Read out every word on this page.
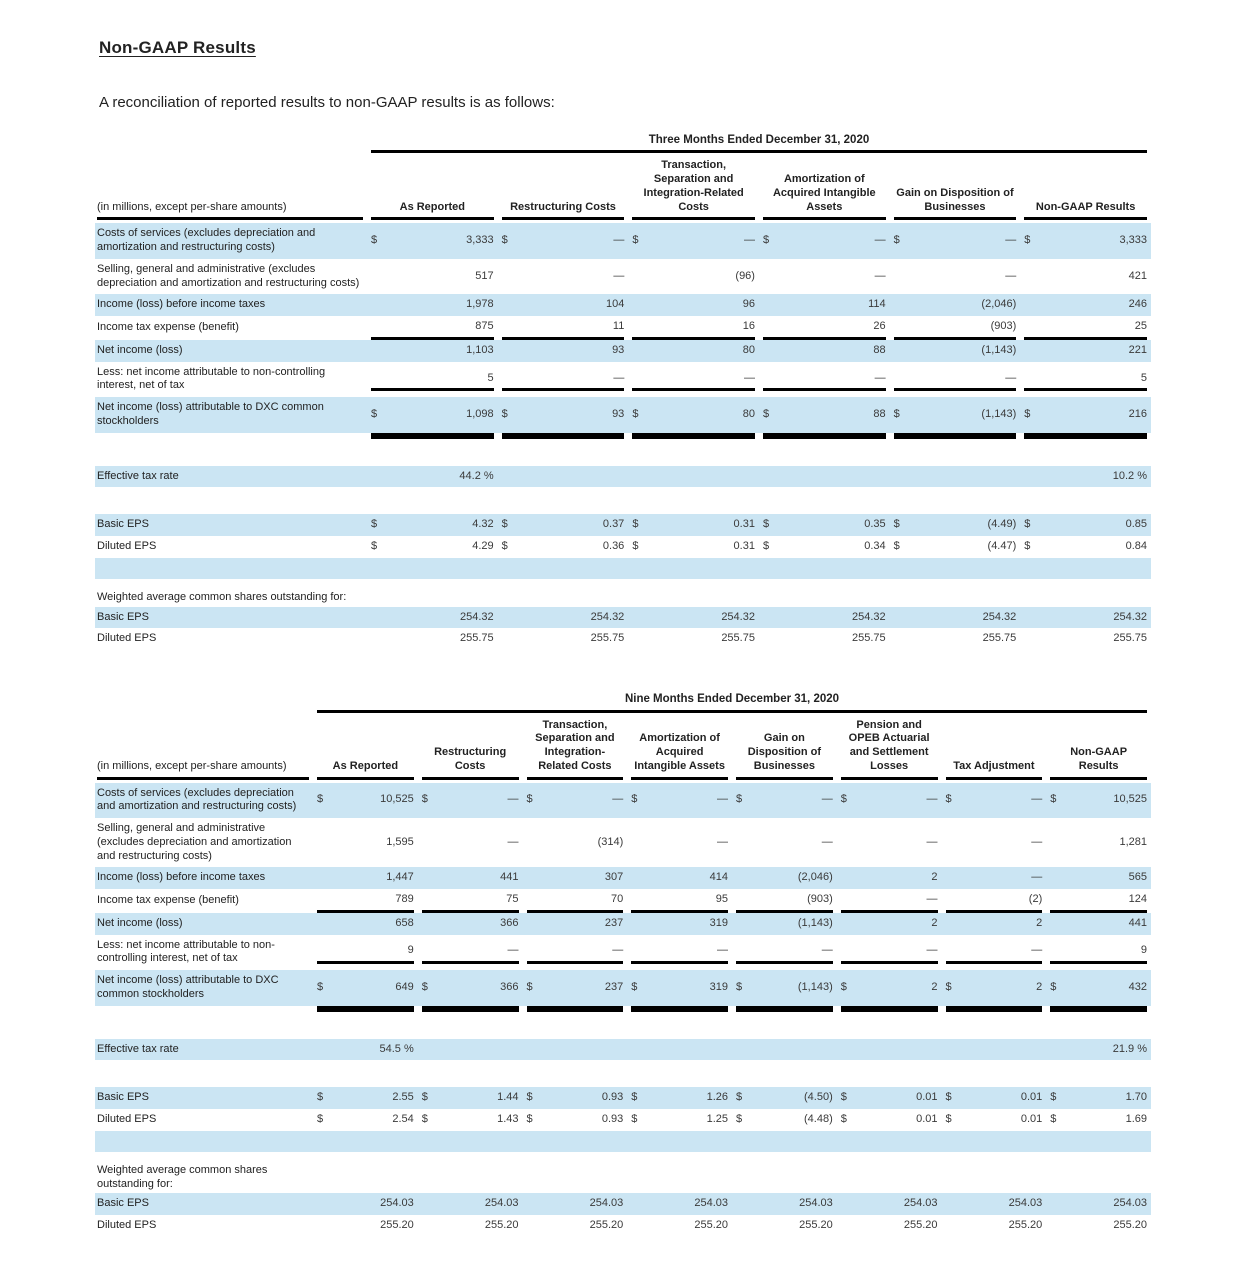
Non-GAAP Results

A reconciliation of reported results to non-GAAP results is as follows:

	Three Months Ended December 31, 2020					

(in millions, except per-share amounts)	As Reported	Restructuring Costs	Transaction, Separation and Integration-Related Costs	Amortization of Acquired Intangible Assets	Gain on Disposition of Businesses	Non-GAAP Results

Costs of services (excludes depreciation and amortization and restructuring costs)	$ 3,333	$ —	$ —	$ —	$ —	$ 3,333

Selling, general and administrative (excludes depreciation and amortization and restructuring costs)	517	—	(96)	—	—	421

Income (loss) before income taxes	1,978	104	96	114	(2,046)	246

Income tax expense (benefit)	875	11	16	26	(903)	25

Net income (loss)	1,103	93	80	88	(1,143)	221

Less: net income attributable to non-controlling interest, net of tax	5	—	—	—	—	5

Net income (loss) attributable to DXC common stockholders	$ 1,098	$ 93	$ 80	$ 88	$ (1,143)	$ 216

Effective tax rate	44.2 %					10.2 %

Basic EPS	$ 4.32	$ 0.37	$ 0.31	$ 0.35	$ (4.49)	$ 0.85

Diluted EPS	$ 4.29	$ 0.36	$ 0.31	$ 0.34	$ (4.47)	$ 0.84

Weighted average common shares outstanding for:						

Basic EPS	254.32	254.32	254.32	254.32	254.32	254.32

Diluted EPS	255.75	255.75	255.75	255.75	255.75	255.75

	Nine Months Ended December 31, 2020							

(in millions, except per-share amounts)	As Reported	Restructuring Costs	Transaction, Separation and Integration-Related Costs	Amortization of Acquired Intangible Assets	Gain on Disposition of Businesses	Pension and OPEB Actuarial and Settlement Losses	Tax Adjustment	Non-GAAP Results

Costs of services (excludes depreciation and amortization and restructuring costs)	$ 10,525	$ —	$ —	$ —	$ —	$ —	$ —	$ 10,525

Selling, general and administrative (excludes depreciation and amortization and restructuring costs)	1,595	—	(314)	—	—	—	—	1,281

Income (loss) before income taxes	1,447	441	307	414	(2,046)	2	—	565

Income tax expense (benefit)	789	75	70	95	(903)	—	(2)	124

Net income (loss)	658	366	237	319	(1,143)	2	2	441

Less: net income attributable to non-controlling interest, net of tax	9	—	—	—	—	—	—	9

Net income (loss) attributable to DXC common stockholders	$ 649	$ 366	$ 237	$ 319	$ (1,143)	$ 2	$ 2	$ 432

Effective tax rate	54.5 %							21.9 %

Basic EPS	$ 2.55	$ 1.44	$ 0.93	$ 1.26	$ (4.50)	$ 0.01	$ 0.01	$ 1.70

Diluted EPS	$ 2.54	$ 1.43	$ 0.93	$ 1.25	$ (4.48)	$ 0.01	$ 0.01	$ 1.69

Weighted average common shares outstanding for:								

Basic EPS	254.03	254.03	254.03	254.03	254.03	254.03	254.03	254.03

Diluted EPS	255.20	255.20	255.20	255.20	255.20	255.20	255.20	255.20
